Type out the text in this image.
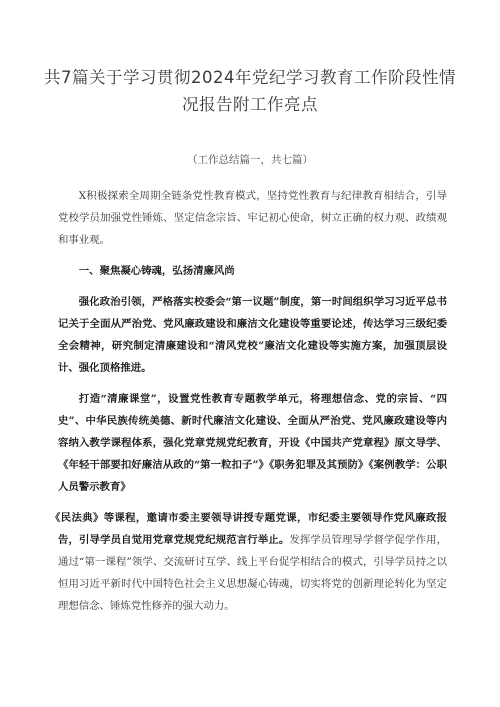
共7篇关于学习贯彻2024年党纪学习教育工作阶段性情况报告附工作亮点
（工作总结篇一，共七篇）

X积极探索全周期全链条党性教育模式，坚持党性教育与纪律教育相结合，引导党校学员加强党性锤炼、坚定信念宗旨、牢记初心使命，树立正确的权力观、政绩观和事业观。

一、聚焦凝心铸魂，弘扬清廉风尚

强化政治引领，严格落实校委会“第一议题”制度，第一时间组织学习习近平总书记关于全面从严治党、党风廉政建设和廉洁文化建设等重要论述，传达学习三级纪委全会精神，研究制定清廉建设和“清风党校”廉洁文化建设等实施方案，加强顶层设计、强化顶格推进。

打造“清廉课堂”，设置党性教育专题教学单元，将理想信念、党的宗旨、“四史”、中华民族传统美德、新时代廉洁文化建设、全面从严治党、党风廉政建设等内容纳入教学课程体系，强化党章党规党纪教育，开设《中国共产党章程》原文导学、《年轻干部要扣好廉洁从政的“第一粒扣子”》《职务犯罪及其预防》《案例教学：公职人员警示教育》

《民法典》等课程，邀请市委主要领导讲授专题党课，市纪委主要领导作党风廉政报告，引导学员自觉用党章党规党纪规范言行举止。发挥学员管理导学督学促学作用，通过“第一课程”领学、交流研讨互学、线上平台促学相结合的模式，引导学员持之以恒用习近平新时代中国特色社会主义思想凝心铸魂，切实将党的创新理论转化为坚定理想信念、锤炼党性修养的强大动力。
